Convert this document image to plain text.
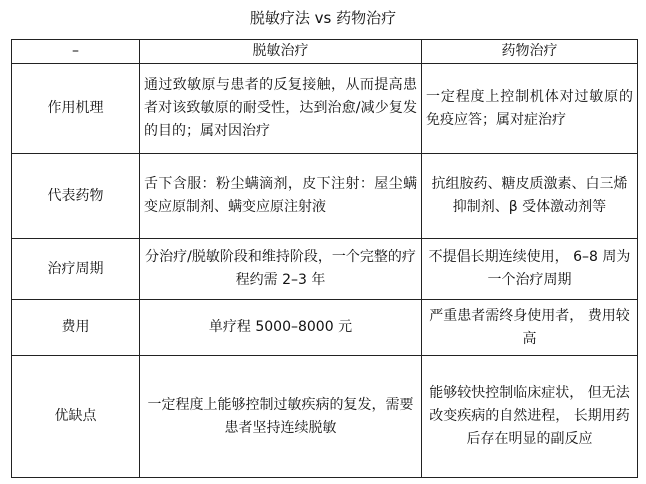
脱敏疗法 vs 药物治疗
–	脱敏治疗	药物治疗
作用机理	通过致敏原与患者的反复接触，从而提高患者对该致敏原的耐受性，达到治愈/减少复发的目的；属对因治疗	一定程度上控制机体对过敏原的免疫应答；属对症治疗
代表药物	舌下含服：粉尘螨滴剂，皮下注射：屋尘螨变应原制剂、螨变应原注射液	抗组胺药、糖皮质激素、白三烯抑制剂、β 受体激动剂等
治疗周期	分治疗/脱敏阶段和维持阶段，一个完整的疗程约需 2–3 年	不提倡长期连续使用， 6–8 周为一个治疗周期
费用	单疗程 5000–8000 元	严重患者需终身使用者， 费用较高
优缺点	一定程度上能够控制过敏疾病的复发，需要患者坚持连续脱敏	能够较快控制临床症状， 但无法改变疾病的自然进程， 长期用药后存在明显的副反应
